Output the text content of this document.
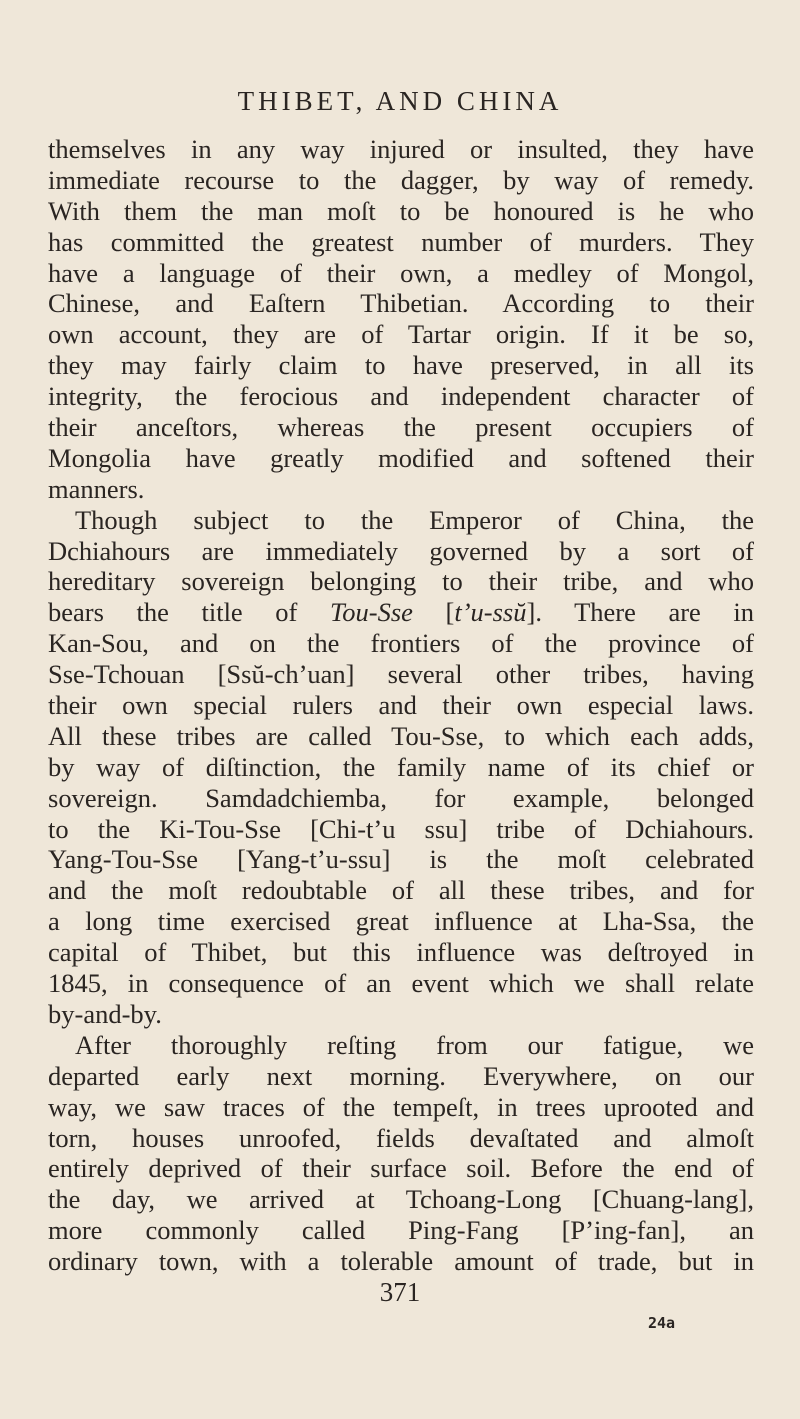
THIBET, AND CHINA
themselves in any way injured or insulted, they have
immediate recourse to the dagger, by way of remedy.
With them the man moſt to be honoured is he who
has committed the greatest number of murders. They
have a language of their own, a medley of Mongol,
Chinese, and Eaſtern Thibetian. According to their
own account, they are of Tartar origin. If it be so,
they may fairly claim to have preserved, in all its
integrity, the ferocious and independent character of
their anceſtors, whereas the present occupiers of
Mongolia have greatly modified and softened their
manners.
Though subject to the Emperor of China, the
Dchiahours are immediately governed by a sort of
hereditary sovereign belonging to their tribe, and who
bears the title of Tou-Sse [t’u-ssŭ]. There are in
Kan-Sou, and on the frontiers of the province of
Sse-Tchouan [Ssŭ-ch’uan] several other tribes, having
their own special rulers and their own especial laws.
All these tribes are called Tou-Sse, to which each adds,
by way of diſtinction, the family name of its chief or
sovereign. Samdadchiemba, for example, belonged
to the Ki-Tou-Sse [Chi-t’u ssu] tribe of Dchiahours.
Yang-Tou-Sse [Yang-t’u-ssu] is the moſt celebrated
and the moſt redoubtable of all these tribes, and for
a long time exercised great influence at Lha-Ssa, the
capital of Thibet, but this influence was deſtroyed in
1845, in consequence of an event which we shall relate
by-and-by.
After thoroughly reſting from our fatigue, we
departed early next morning. Everywhere, on our
way, we saw traces of the tempeſt, in trees uprooted and
torn, houses unroofed, fields devaſtated and almoſt
entirely deprived of their surface soil. Before the end of
the day, we arrived at Tchoang-Long [Chuang-lang],
more commonly called Ping-Fang [P’ing-fan], an
ordinary town, with a tolerable amount of trade, but in
371
24a
